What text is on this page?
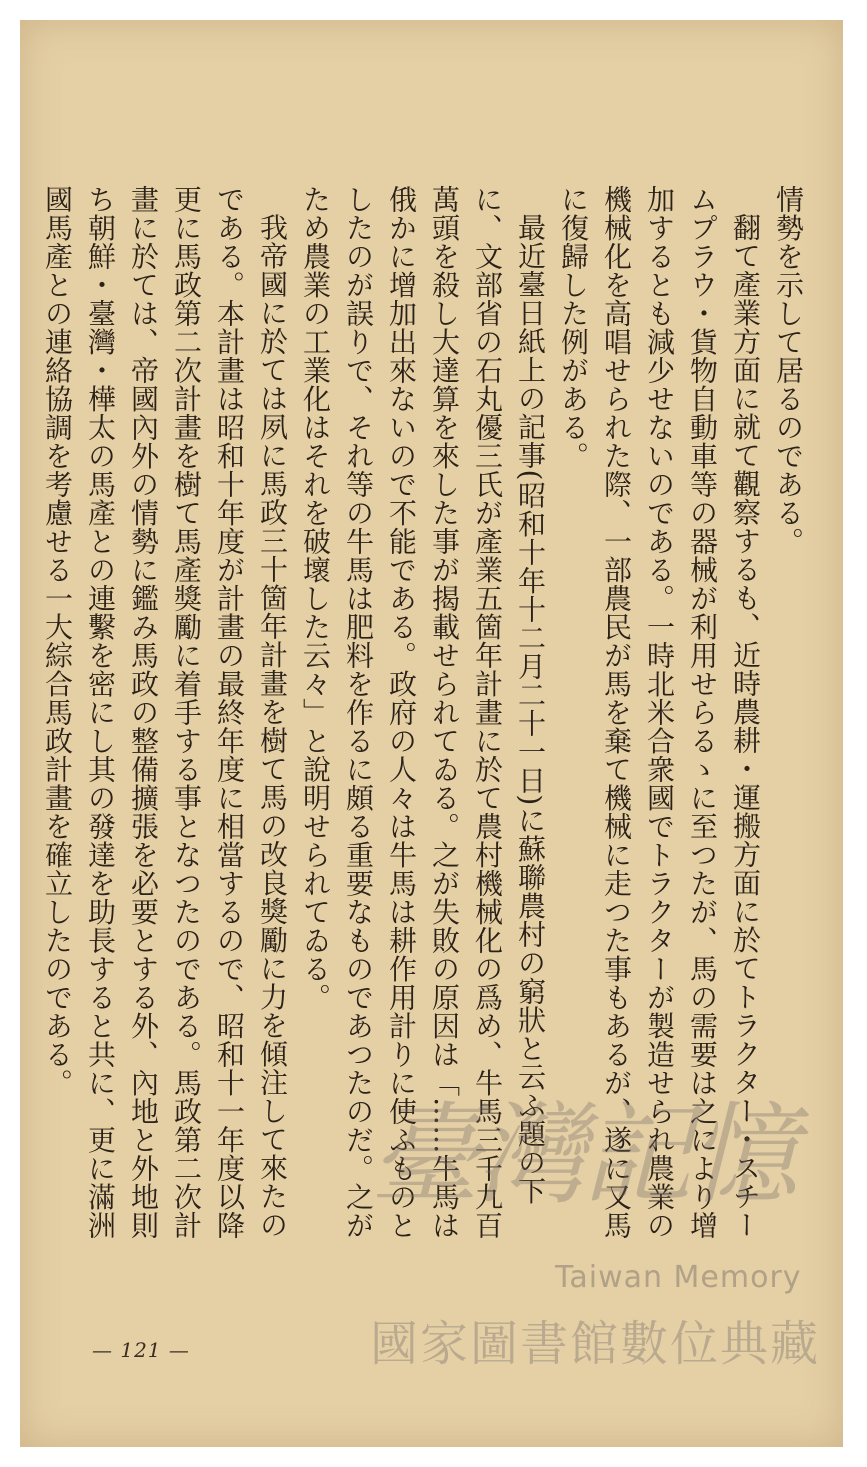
情勢を示して居るのである。

翻て產業方面に就て觀察するも、近時農耕・運搬方面に於てトラクター・スチームプラウ・貨物自動車等の器械が利用せらるゝに至つたが、馬の需要は之により增加するとも減少せないのである。一時北米合衆國でトラクターが製造せられ農業の機械化を高唱せられた際、一部農民が馬を棄て機械に走つた事もあるが、遂に又馬に復歸した例がある。

最近臺日紙上の記事(昭和十年十二月二十一日)に蘇聯農村の窮狀と云ふ題の下に、文部省の石丸優三氏が產業五箇年計畫に於て農村機械化の爲め、牛馬三千九百萬頭を殺し大達算を來した事が揭載せられてゐる。之が失敗の原因は「……牛馬は俄かに增加出來ないので不能である。政府の人々は牛馬は耕作用計りに使ふものとしたのが誤りで、それ等の牛馬は肥料を作るに頗る重要なものであつたのだ。之がため農業の工業化はそれを破壞した云々」と說明せられてゐる。

我帝國に於ては夙に馬政三十箇年計畫を樹て馬の改良獎勵に力を傾注して來たのである。本計畫は昭和十年度が計畫の最終年度に相當するので、昭和十一年度以降更に馬政第二次計畫を樹て馬產獎勵に着手する事となつたのである。馬政第二次計畫に於ては、帝國內外の情勢に鑑み馬政の整備擴張を必要とする外、內地と外地則ち朝鮮・臺灣・樺太の馬產との連繫を密にし其の發達を助長すると共に、更に滿洲國馬產との連絡協調を考慮せる一大綜合馬政計畫を確立したのである。

— 121 —
臺灣記憶
Taiwan Memory
國家圖書館數位典藏
